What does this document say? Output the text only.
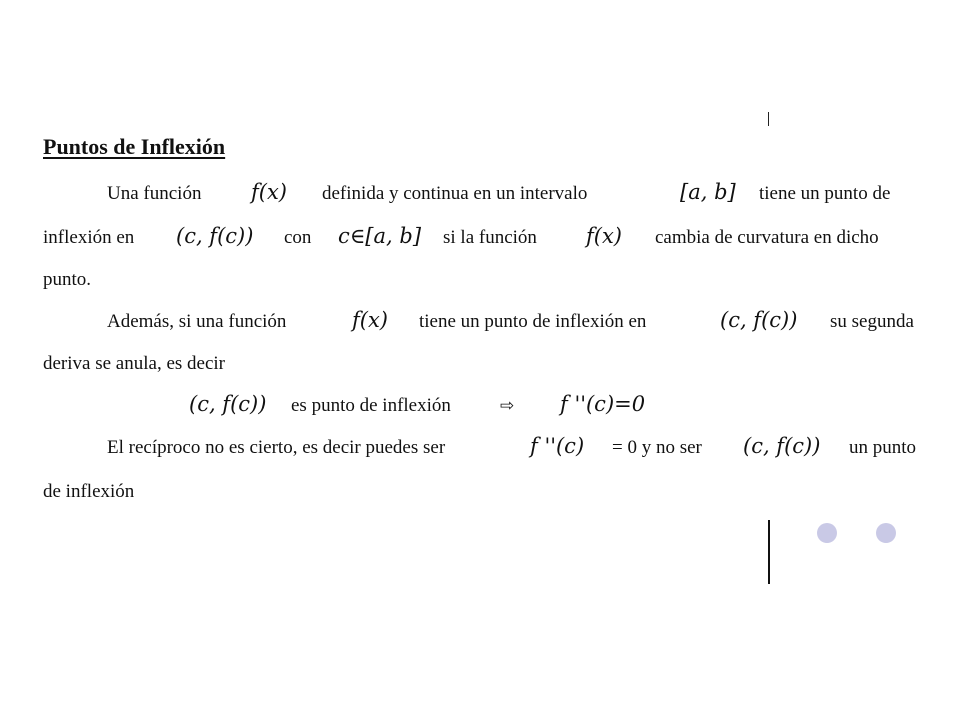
Puntos de Inflexión
Una función f(x) definida y continua en un intervalo	[a, b] tiene un punto de
inflexión en (c, f(c)) con c∈[a, b] si la función f(x) cambia de curvatura en dicho
punto.
Además, si una función	f(x) tiene un punto de inflexión en	(c, f(c)) su segunda
deriva se anula, es decir
(c, f(c)) es punto de inflexión	⇨ f ''(c)=0
El recíproco no es cierto, es decir puedes ser	f ''(c) = 0 y no ser (c, f(c)) un punto
de inflexión
